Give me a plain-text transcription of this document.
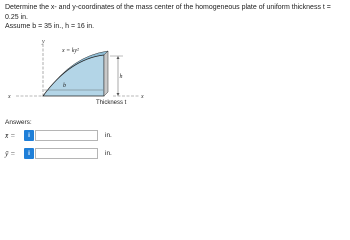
Determine the x- and y-coordinates of the mass center of the homogeneous plate of uniform thickness t = 0.25 in.

Assume b = 35 in., h = 16 in.

y
x	x
x = ky²
b
h
Thickness t
Answers:
x̄ =	i	in.
ȳ =	i	in.
